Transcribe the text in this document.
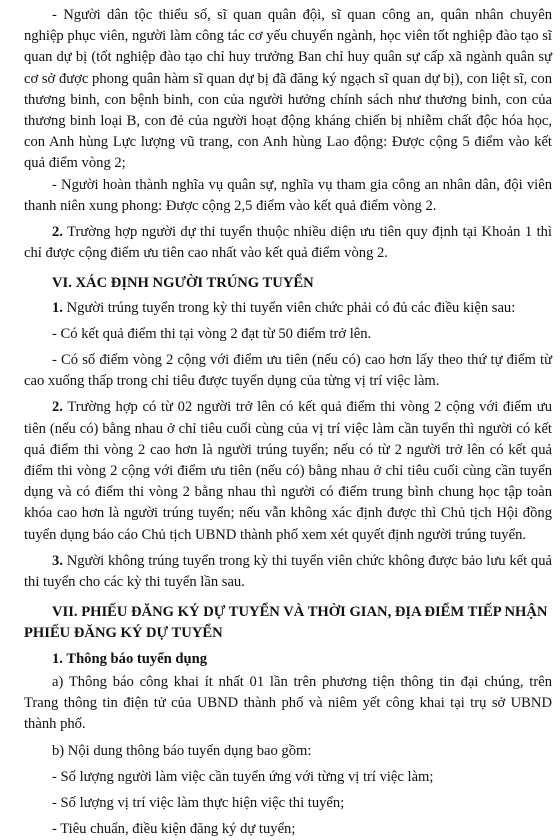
- Người dân tộc thiểu số, sĩ quan quân đội, sĩ quan công an, quân nhân chuyên nghiệp phục viên, người làm công tác cơ yếu chuyển ngành, học viên tốt nghiệp đào tạo sĩ quan dự bị (tốt nghiệp đào tạo chỉ huy trưởng Ban chỉ huy quân sự cấp xã ngành quân sự cơ sở được phong quân hàm sĩ quan dự bị đã đăng ký ngạch sĩ quan dự bị), con liệt sĩ, con thương binh, con bệnh binh, con của người hưởng chính sách như thương binh, con của thương binh loại B, con đẻ của người hoạt động kháng chiến bị nhiễm chất độc hóa học, con Anh hùng Lực lượng vũ trang, con Anh hùng Lao động: Được cộng 5 điểm vào kết quả điểm vòng 2;

- Người hoàn thành nghĩa vụ quân sự, nghĩa vụ tham gia công an nhân dân, đội viên thanh niên xung phong: Được cộng 2,5 điểm vào kết quả điểm vòng 2.

2. Trường hợp người dự thi tuyển thuộc nhiều diện ưu tiên quy định tại Khoản 1 thì chỉ được cộng điểm ưu tiên cao nhất vào kết quả điểm vòng 2.

VI. XÁC ĐỊNH NGƯỜI TRÚNG TUYỂN

1. Người trúng tuyển trong kỳ thi tuyển viên chức phải có đủ các điều kiện sau:

- Có kết quả điểm thi tại vòng 2 đạt từ 50 điểm trở lên.

- Có số điểm vòng 2 cộng với điểm ưu tiên (nếu có) cao hơn lấy theo thứ tự điểm từ cao xuống thấp trong chỉ tiêu được tuyển dụng của từng vị trí việc làm.

2. Trường hợp có từ 02 người trở lên có kết quả điểm thi vòng 2 cộng với điểm ưu tiên (nếu có) bằng nhau ở chỉ tiêu cuối cùng của vị trí việc làm cần tuyển thì người có kết quả điểm thi vòng 2 cao hơn là người trúng tuyển; nếu có từ 2 người trở lên có kết quả điểm thi vòng 2 cộng với điểm ưu tiên (nếu có) bằng nhau ở chỉ tiêu cuối cùng cần tuyển dụng và có điểm thi vòng 2 bằng nhau thì người có điểm trung bình chung học tập toàn khóa cao hơn là người trúng tuyển; nếu vẫn không xác định được thì Chủ tịch Hội đồng tuyển dụng báo cáo Chủ tịch UBND thành phố xem xét quyết định người trúng tuyển.

3. Người không trúng tuyển trong kỳ thi tuyển viên chức không được bảo lưu kết quả thi tuyển cho các kỳ thi tuyển lần sau.

VII. PHIẾU ĐĂNG KÝ DỰ TUYỂN VÀ THỜI GIAN, ĐỊA ĐIỂM TIẾP NHẬN PHIẾU ĐĂNG KÝ DỰ TUYỂN
1. Thông báo tuyển dụng

a) Thông báo công khai ít nhất 01 lần trên phương tiện thông tin đại chúng, trên Trang thông tin điện tử của UBND thành phố và niêm yết công khai tại trụ sở UBND thành phố.

b) Nội dung thông báo tuyển dụng bao gồm:

- Số lượng người làm việc cần tuyển ứng với từng vị trí việc làm;

- Số lượng vị trí việc làm thực hiện việc thi tuyển;

- Tiêu chuẩn, điều kiện đăng ký dự tuyển;
